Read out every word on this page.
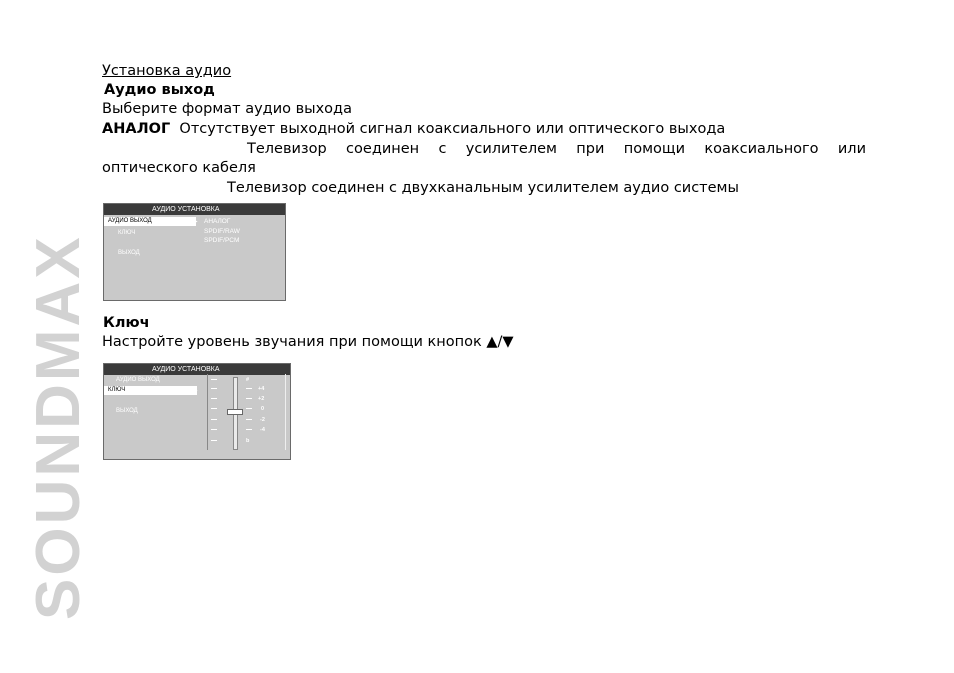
SOUNDMAX
Установка аудио
Аудио выход
Выберите формат аудио выхода
АНАЛОГ Отсутствует выходной сигнал коаксиального или оптического выхода
Телевизор соединен с усилителем при помощи коаксиального или
оптического кабеля
Телевизор соединен с двухканальным усилителем аудио системы
АУДИО УСТАНОВКА
АУДИО ВЫХОД	▶
КЛЮЧ
ВЫХОД
АНАЛОГ
SPDIF/RAW
SPDIF/PCM
Ключ
Настройте уровень звучания при помощи кнопок ▲/▼
АУДИО УСТАНОВКА
АУДИО ВЫХОД
КЛЮЧ	▶
ВЫХОД
#
+4
+2
0
-2
-4
b
